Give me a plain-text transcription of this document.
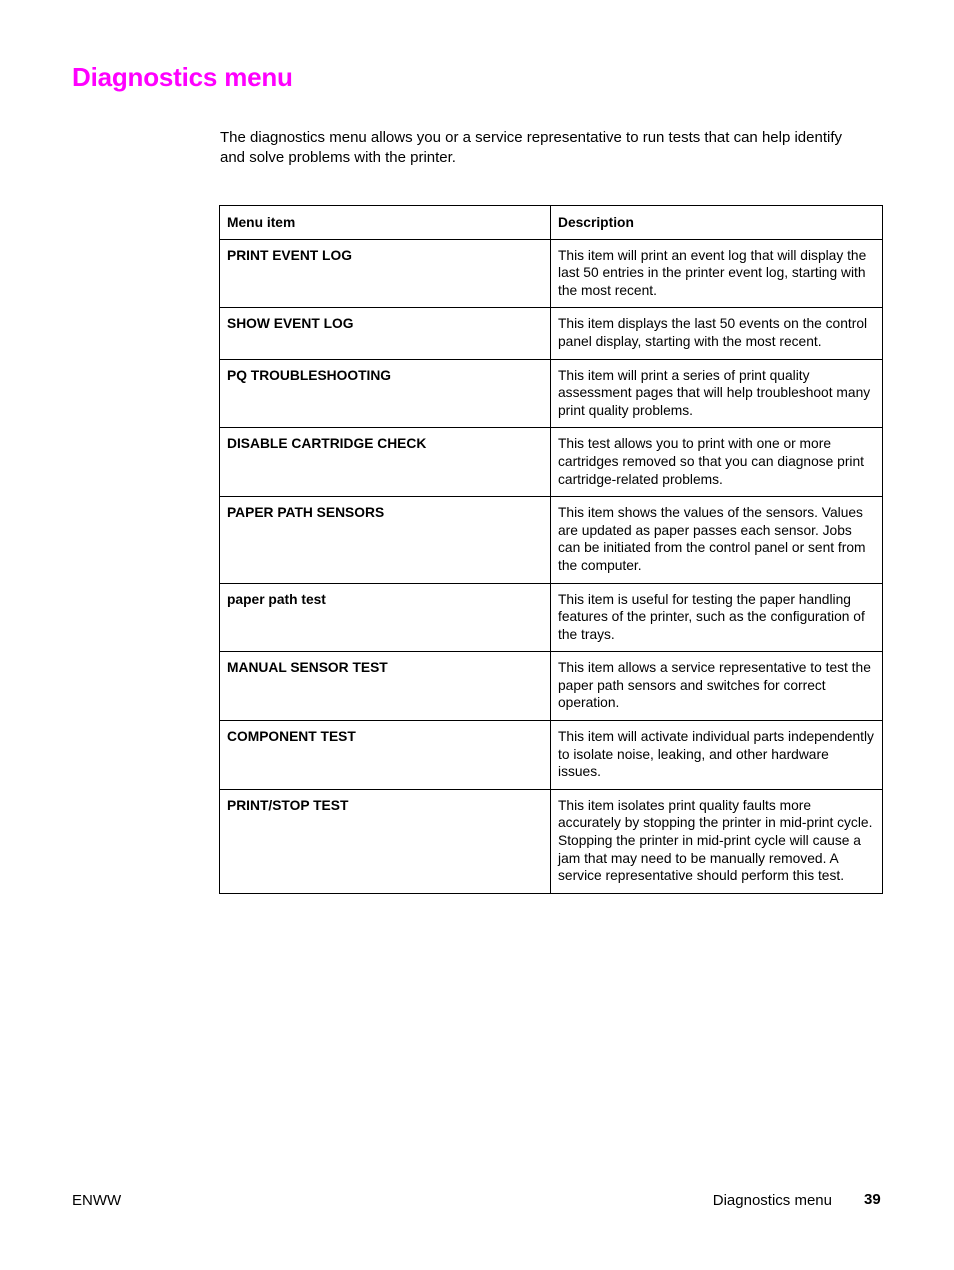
Diagnostics menu

The diagnostics menu allows you or a service representative to run tests that can help identify and solve problems with the printer.

Menu item	Description
PRINT EVENT LOG	This item will print an event log that will display the last 50 entries in the printer event log, starting with the most recent.
SHOW EVENT LOG	This item displays the last 50 events on the control panel display, starting with the most recent.
PQ TROUBLESHOOTING	This item will print a series of print quality assessment pages that will help troubleshoot many print quality problems.
DISABLE CARTRIDGE CHECK	This test allows you to print with one or more cartridges removed so that you can diagnose print cartridge-related problems.
PAPER PATH SENSORS	This item shows the values of the sensors. Values are updated as paper passes each sensor. Jobs can be initiated from the control panel or sent from the computer.
paper path test	This item is useful for testing the paper handling features of the printer, such as the configuration of the trays.
MANUAL SENSOR TEST	This item allows a service representative to test the paper path sensors and switches for correct operation.
COMPONENT TEST	This item will activate individual parts independently to isolate noise, leaking, and other hardware issues.
PRINT/STOP TEST	This item isolates print quality faults more accurately by stopping the printer in mid-print cycle. Stopping the printer in mid-print cycle will cause a jam that may need to be manually removed. A service representative should perform this test.
ENWW	Diagnostics menu 39
